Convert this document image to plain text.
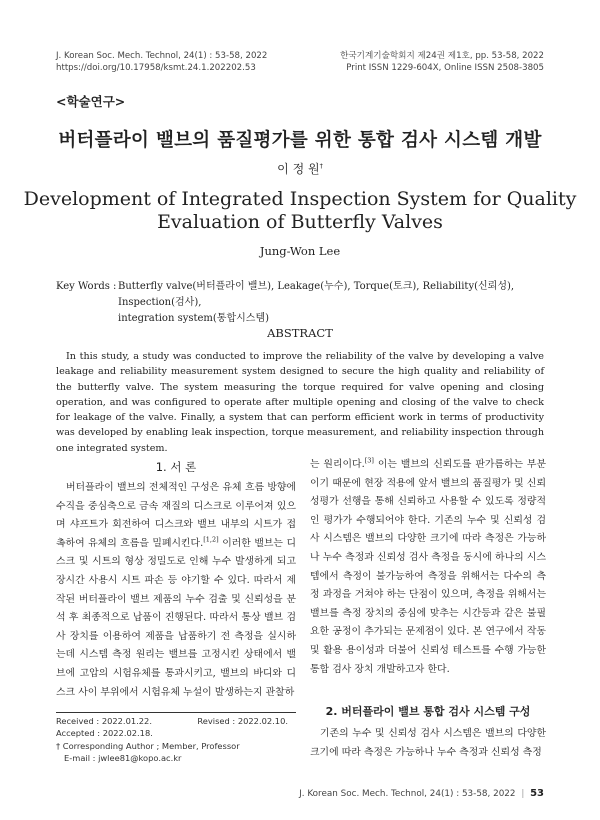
J. Korean Soc. Mech. Technol, 24(1) : 53-58, 2022
https://doi.org/10.17958/ksmt.24.1.202202.53
한국기계기술학회지 제24권 제1호, pp. 53-58, 2022
Print ISSN 1229-604X, Online ISSN 2508-3805
<학술연구>
버터플라이 밸브의 품질평가를 위한 통합 검사 시스템 개발
이 정 원†
Development of Integrated Inspection System for Quality
Evaluation of Butterfly Valves
Jung-Won Lee
Key Words : Butterfly valve(버터플라이 밸브), Leakage(누수), Torque(토크), Reliability(신뢰성), Inspection(검사),
integration system(통합시스템)
ABSTRACT
In this study, a study was conducted to improve the reliability of the valve by developing a valve leakage and reliability measurement system designed to secure the high quality and reliability of the butterfly valve. The system measuring the torque required for valve opening and closing operation, and was configured to operate after multiple opening and closing of the valve to check for leakage of the valve. Finally, a system that can perform efficient work in terms of productivity was developed by enabling leak inspection, torque measurement, and reliability inspection through one integrated system.
1. 서 론
버터플라이 밸브의 전체적인 구성은 유체 흐름 방향에 수직을 중심축으로 금속 재질의 디스크로 이루어져 있으며 샤프트가 회전하여 디스크와 밸브 내부의 시트가 접촉하여 유체의 흐름을 밀폐시킨다.[1,2] 이러한 밸브는 디스크 및 시트의 형상 정밀도로 인해 누수 발생하게 되고 장시간 사용시 시트 파손 등 야기할 수 있다. 따라서 제작된 버터플라이 밸브 제품의 누수 검출 및 신뢰성을 분석 후 최종적으로 납품이 진행된다. 따라서 통상 밸브 검사 장치를 이용하여 제품을 납품하기 전 측정을 실시하는데 시스템 측정 원리는 밸브를 고정시킨 상태에서 밸브에 고압의 시험유체를 통과시키고, 밸브의 바디와 디스크 사이 부위에서 시험유체 누설이 발생하는지 관찰하
는 원리이다.[3] 이는 밸브의 신뢰도를 판가름하는 부분이기 때문에 현장 적용에 앞서 밸브의 품질평가 및 신뢰성평가 선행을 통해 신뢰하고 사용할 수 있도록 정량적인 평가가 수행되어야 한다. 기존의 누수 및 신뢰성 검사 시스템은 밸브의 다양한 크기에 따라 측정은 가능하나 누수 측정과 신뢰성 검사 측정을 동시에 하나의 시스템에서 측정이 불가능하여 측정을 위해서는 다수의 측정 과정을 거쳐야 하는 단점이 있으며, 측정을 위해서는 밸브를 측정 장치의 중심에 맞추는 시간등과 같은 불필요한 공정이 추가되는 문제점이 있다. 본 연구에서 작동 및 활용 용이성과 더불어 신뢰성 테스트를 수행 가능한 통합 검사 장치 개발하고자 한다.
2. 버터플라이 밸브 통합 검사 시스템 구성
기존의 누수 및 신뢰성 검사 시스템은 밸브의 다양한 크기에 따라 측정은 가능하나 누수 측정과 신뢰성 측정
Received : 2022.01.22.	Revised : 2022.02.10.
Accepted : 2022.02.18.
† Corresponding Author ; Member, Professor
E-mail : jwlee81@kopo.ac.kr
J. Korean Soc. Mech. Technol, 24(1) : 53-58, 2022 | 53
